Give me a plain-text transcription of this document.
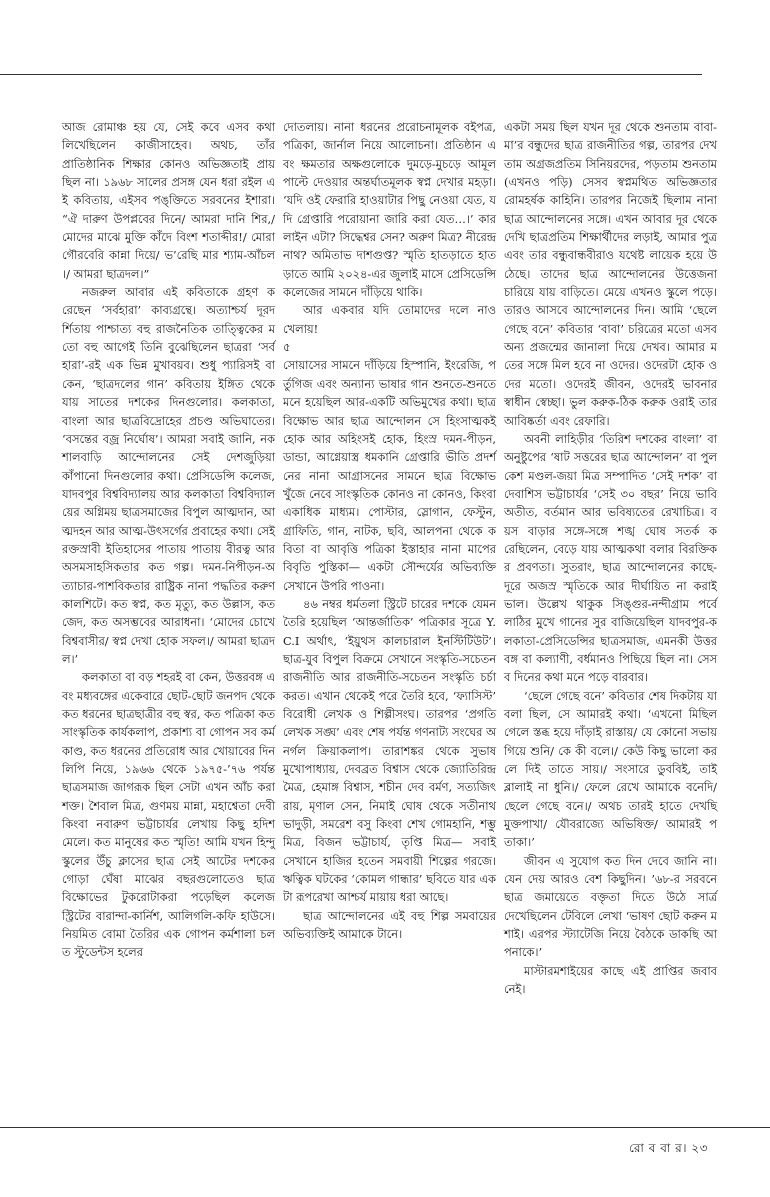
আজ রোমাঞ্চ হয় যে, সেই কবে এসব কথা লিখেছিলেন কাজীসাহেব। অথচ, তাঁর প্রাতিষ্ঠানিক শিক্ষার কোনও অভিজ্ঞতাই প্রায় ছিল না। ১৯৬৮ সালের প্রসঙ্গ যেন ধরা রইল এই কবিতায়, এইসব পঙ্‌ক্তিতে সরবনের ইশারা। “ঐ দারুণ উপপ্লবের দিনে/ আমরা দানি শির,/ মোদের মাঝে মুক্তি কাঁদে বিংশ শতাব্দীর!/ মোরা গৌরবেরি কান্না দিয়ে/ ভ’রেছি মার শ্যাম-আঁচল।/ আমরা ছাত্রদল।”

নজরুল আবার এই কবিতাকে গ্রহণ করেছেন ‘সর্বহারা’ কাব্যগ্রন্থে। অত্যাশ্চর্য দূরদর্শিতায় পাশ্চাত্য বহু রাজনৈতিক তাত্ত্বিকের মতো বহু আগেই তিনি বুঝেছিলেন ছাত্ররা ‘সর্বহারা’-রই এক ভিন্ন মুখাবয়ব। শুধু প্যারিসই বা কেন, ‘ছাত্রদলের গান’ কবিতায় ইঙ্গিত থেকে যায় সাতের দশকের দিনগুলোর। কলকাতা, বাংলা আর ছাত্রবিদ্রোহের প্রচণ্ড অভিঘাতের। ‘বসন্তের বজ্র নির্ঘোষ’। আমরা সবাই জানি, নকশালবাড়ি আন্দোলনের সেই দেশজুড়িয়া কাঁপানো দিনগুলোর কথা। প্রেসিডেন্সি কলেজ, যাদবপুর বিশ্ববিদ্যালয় আর কলকাতা বিশ্ববিদ্যালয়ের অগ্নিময় ছাত্রসমাজের বিপুল আত্মদান, আত্মদহন আর আত্ম-উৎসর্গের প্রবাহের কথা। সেই রক্তস্রাবী ইতিহাসের পাতায় পাতায় বীরত্ব আর অসমসাহসিকতার কত গল্প। দমন-নিপীড়ন-অত্যাচার-পাশবিকতার রাষ্ট্রিক নানা পদ্ধতির করুণ কালশিটে। কত স্বপ্ন, কত মৃত্যু, কত উল্লাস, কত জেদ, কত অসম্ভবের আরাধনা। ‘মোদের চোখে বিশ্ববাসীর/ স্বপ্ন দেখা হোক সফল।/ আমরা ছাত্রদল।’

কলকাতা বা বড় শহরই বা কেন, উত্তরবঙ্গ এবং মধ্যবঙ্গের একেবারে ছোট-ছোট জনপদ থেকে কত ধরনের ছাত্রছাত্রীর বহু স্বর, কত পত্রিকা কত সাংস্কৃতিক কার্যকলাপ, প্রকাশ্য বা গোপন সব কর্মকাণ্ড, কত ধরনের প্রতিরোধ আর খোয়াবের দিনলিপি নিয়ে, ১৯৬৬ থেকে ১৯৭৫-’৭৬ পর্যন্ত ছাত্রসমাজ জাগরূক ছিল সেটা এখন আঁচ করা শক্ত। শৈবাল মিত্র, গুণময় মান্না, মহাশ্বেতা দেবী কিংবা নবারুণ ভট্টাচার্যর লেখায় কিছু হদিশ মেলে। কত মানুষের কত স্মৃতি! আমি যখন হিন্দু স্কুলের উঁচু ক্লাসের ছাত্র সেই আটের দশকের গোড়া ঘেঁষা মাঝের বছরগুলোতেও ছাত্র বিক্ষোভের টুকরোটাকরা পড়েছিল কলেজ স্ট্রিটের বারান্দা-কার্নিশ, আলিগলি-কফি হাউসে। নিয়মিত বোমা তৈরির এক গোপন কর্মশালা চলত স্টুডেন্টস হলের

দোতলায়। নানা ধরনের প্ররোচনামূলক বইপত্র, পত্রিকা, জার্নাল নিয়ে আলোচনা। প্রতিষ্ঠান এবং ক্ষমতার অক্ষগুলোকে দুমড়ে-মুচড়ে আমূল পাল্টে দেওয়ার অন্তর্ঘাতমূলক স্বপ্ন দেখার মহড়া। ‘যদি ওই ফেরারি হাওয়াটার পিছু নেওয়া যেত, যদি গ্রেপ্তারি পরোয়ানা জারি করা যেত…।’ কার লাইন এটা? সিদ্ধেশ্বর সেন? অরুণ মিত্র? নীরেন্দ্রনাথ? অমিতাভ দাশগুপ্ত? স্মৃতি হাতড়াতে হাতড়াতে আমি ২০২৪-এর জুলাই মাসে প্রেসিডেন্সি কলেজের সামনে দাঁড়িয়ে থাকি।

আর একবার যদি তোমাদের দলে নাও খেলায়!

৫

সোয়াসের সামনে দাঁড়িয়ে হিস্পানি, ইংরেজি, পর্তুগিজ এবং অন্যান্য ভাষার গান শুনতে-শুনতে মনে হয়েছিল আর-একটি অভিমুখের কথা। ছাত্র বিক্ষোভ আর ছাত্র আন্দোলন সে হিংসাত্মকই হোক আর অহিংসই হোক, হিংস্র দমন-পীড়ন, ডান্ডা, আগ্নেয়াস্ত্র ধমকানি গ্রেপ্তারি ভীতি প্রদর্শনের নানা আগ্রাসনের সামনে ছাত্র বিক্ষোভ খুঁজে নেবে সাংস্কৃতিক কোনও না কোনও, কিংবা একাধিক মাধ্যম। পোস্টার, স্লোগান, ফেস্টুন, গ্রাফিতি, গান, নাটক, ছবি, আলপনা থেকে কবিতা বা আবৃত্তি পত্রিকা ইস্তাহার নানা মাপের বিবৃতি পুস্তিকা— একটা সৌন্দর্যের অভিব্যক্তি সেখানে উপরি পাওনা।

৪৬ নম্বর ধর্মতলা স্ট্রিটে চারের দশকে যেমন তৈরি হয়েছিল ‘আন্তর্জাতিক’ পত্রিকার সূত্রে Y.C.I অর্থাৎ, ‘ইয়ুথস কালচারাল ইনস্টিটিউট’। ছাত্র-যুব বিপুল বিক্রমে সেখানে সংস্কৃতি-সচেতন রাজনীতি আর রাজনীতি-সচেতন সংস্কৃতি চর্চা করত। এখান থেকেই পরে তৈরি হবে, ‘ফ্যাসিস্ট’ বিরোধী লেখক ও শিল্পীসংঘ। তারপর ‘প্রগতি লেখক সঙ্ঘ’ এবং শেষ পর্যন্ত গণনাট্য সংঘের অনর্গল ক্রিয়াকলাপ। তারাশঙ্কর থেকে সুভাষ মুখোপাধ্যায়, দেবব্রত বিশ্বাস থেকে জ্যোতিরিন্দ্র মৈত্র, হেমাঙ্গ বিশ্বাস, শচীন দেব বর্মণ, সত্যজিৎ রায়, মৃণাল সেন, নিমাই ঘোষ থেকে সতীনাথ ভাদুড়ী, সমরেশ বসু কিংবা শেখ গোমহানি, শম্ভু মিত্র, বিজন ভট্টাচার্য, তৃপ্তি মিত্র— সবাই সেখানে হাজির হতেন সমবায়ী শিল্পের গরজে। ঋত্বিক ঘটকের ‘কোমল গান্ধার’ ছবিতে যার একটা রূপরেখা আশ্চর্য মায়ায় ধরা আছে।

ছাত্র আন্দোলনের এই বহু শিল্প সমবায়ের অভিব্যক্তিই আমাকে টানে।

একটা সময় ছিল যখন দূর থেকে শুনতাম বাবা-মা’র বন্ধুদের ছাত্র রাজনীতির গল্প, তারপর দেখতাম অগ্রজপ্রতিম সিনিয়রদের, পড়তাম শুনতাম (এখনও পড়ি) সেসব স্বপ্নমথিত অভিজ্ঞতার রোমহর্ষক কাহিনি। তারপর নিজেই ছিলাম নানা ছাত্র আন্দোলনের সঙ্গে। এখন আবার দূর থেকে দেখি ছাত্রপ্রতিম শিক্ষার্থীদের লড়াই, আমার পুত্র এবং তার বন্ধুবান্ধবীরাও যথেষ্ট লায়েক হয়ে উঠেছে। তাদের ছাত্র আন্দোলনের উত্তেজনা চারিয়ে যায় বাড়িতে। মেয়ে এখনও স্কুলে পড়ে। তারও আসবে আন্দোলনের দিন। আমি ‘ছেলে গেছে বনে’ কবিতার ‘বাবা’ চরিত্রের মতো এসব অন্য প্রজন্মের জানালা দিয়ে দেখব। আমার মতের সঙ্গে মিল হবে না ওদের। ওদেরটা হোক ওদের মতো। ওদেরই জীবন, ওদেরই ভাবনার স্বাধীন স্বেচ্ছা। ভুল করুক-ঠিক করুক ওরাই তার আবিষ্কর্তা এবং রেফারি।

অবনী লাহিড়ীর ‘তিরিশ দশকের বাংলা’ বা অনুষ্টুপের ‘ষাট সত্তরের ছাত্র আন্দোলন’ বা পুলকেশ মণ্ডল-জয়া মিত্র সম্পাদিত ‘সেই দশক’ বা দেবাশিস ভট্টাচার্যর ‘সেই ৩০ বছর’ নিয়ে ভাবি অতীত, বর্তমান আর ভবিষ্যতের রেখাচিত্র। বয়স বাড়ার সঙ্গে-সঙ্গে শঙ্খ ঘোষ সতর্ক করেছিলেন, বেড়ে যায় আত্মকথা বলার বিরক্তিকর প্রবণতা। সুতরাং, ছাত্র আন্দোলনের কাছে-দূরে অজস্র স্মৃতিকে আর দীর্ঘায়িত না করাই ভাল। উল্লেখ থাকুক সিঙ্গুর-নন্দীগ্রাম পর্বে লাঠির মুখে গানের সুর বাজিয়েছিল যাদবপুর-কলকাতা-প্রেসিডেন্সির ছাত্রসমাজ, এমনকী উত্তরবঙ্গ বা কল্যাণী, বর্ধমানও পিছিয়ে ছিল না। সেসব দিনের কথা মনে পড়ে বারবার।

‘ছেলে গেছে বনে’ কবিতার শেষ দিকটায় যা বলা ছিল, সে আমারই কথা। ‘এখনো মিছিল গেলে স্তব্ধ হয়ে দাঁড়াই রাস্তায়/ যে কোনো সভায় গিয়ে শুনি/ কে কী বলে।/ কেউ কিছু ভালো করলে দিই তাতে সায়।/ সংসারে ডুববিই, তাই ব্লালাই না ধুনি।/ ফেলে রেখে আমাকে বনেদি/ ছেলে গেছে বনে।/ অথচ তারই হাতে দেখছি মুক্তপাখা/ যৌবরাজ্যে অভিষিক্ত/ আমারই পতাকা।’

জীবন এ সুযোগ কত দিন দেবে জানি না। যেন দেয় আরও বেশ কিছুদিন। ’৬৮-র সরবনে ছাত্র জমায়েতে বক্তৃতা দিতে উঠে সার্ত্র দেখেছিলেন টেবিলে লেখা ‘ভাষণ ছোট করুন মশাই। এরপর স্ট্যাটেজি নিয়ে বৈঠকে ডাকছি আপনাকে।’

মাস্টারমশাইয়ের কাছে এই প্রাপ্তির জবাব নেই।

রো ব বা র। ২৩
